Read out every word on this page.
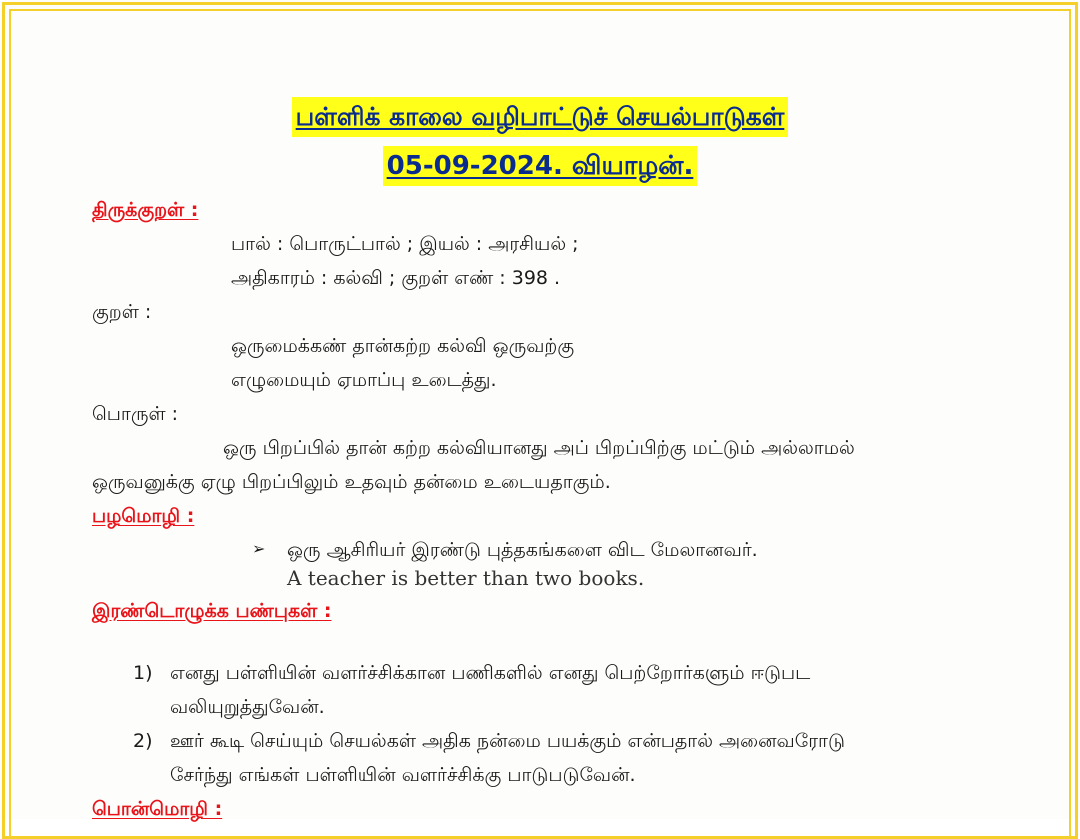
பள்ளிக் காலை வழிபாட்டுச் செயல்பாடுகள்
05-09-2024. வியாழன்.
திருக்குறள் :
பால் : பொருட்பால் ; இயல் : அரசியல் ;
அதிகாரம் : கல்வி ; குறள் எண் : 398 .
குறள் :
ஒருமைக்கண் தான்கற்ற கல்வி ஒருவற்கு
எழுமையும் ஏமாப்பு உடைத்து.
பொருள் :
ஒரு பிறப்பில் தான் கற்ற கல்வியானது அப் பிறப்பிற்கு மட்டும் அல்லாமல்
ஒருவனுக்கு ஏழு பிறப்பிலும் உதவும் தன்மை உடையதாகும்.
பழமொழி :
➢ ஒரு ஆசிரியர் இரண்டு புத்தகங்களை விட மேலானவர்.
A teacher is better than two books.
இரண்டொழுக்க பண்புகள் :
1) எனது பள்ளியின் வளர்ச்சிக்கான பணிகளில் எனது பெற்றோர்களும் ஈடுபட
வலியுறுத்துவேன்.
2) ஊர் கூடி செய்யும் செயல்கள் அதிக நன்மை பயக்கும் என்பதால் அனைவரோடு
சேர்ந்து எங்கள் பள்ளியின் வளர்ச்சிக்கு பாடுபடுவேன்.
பொன்மொழி :
